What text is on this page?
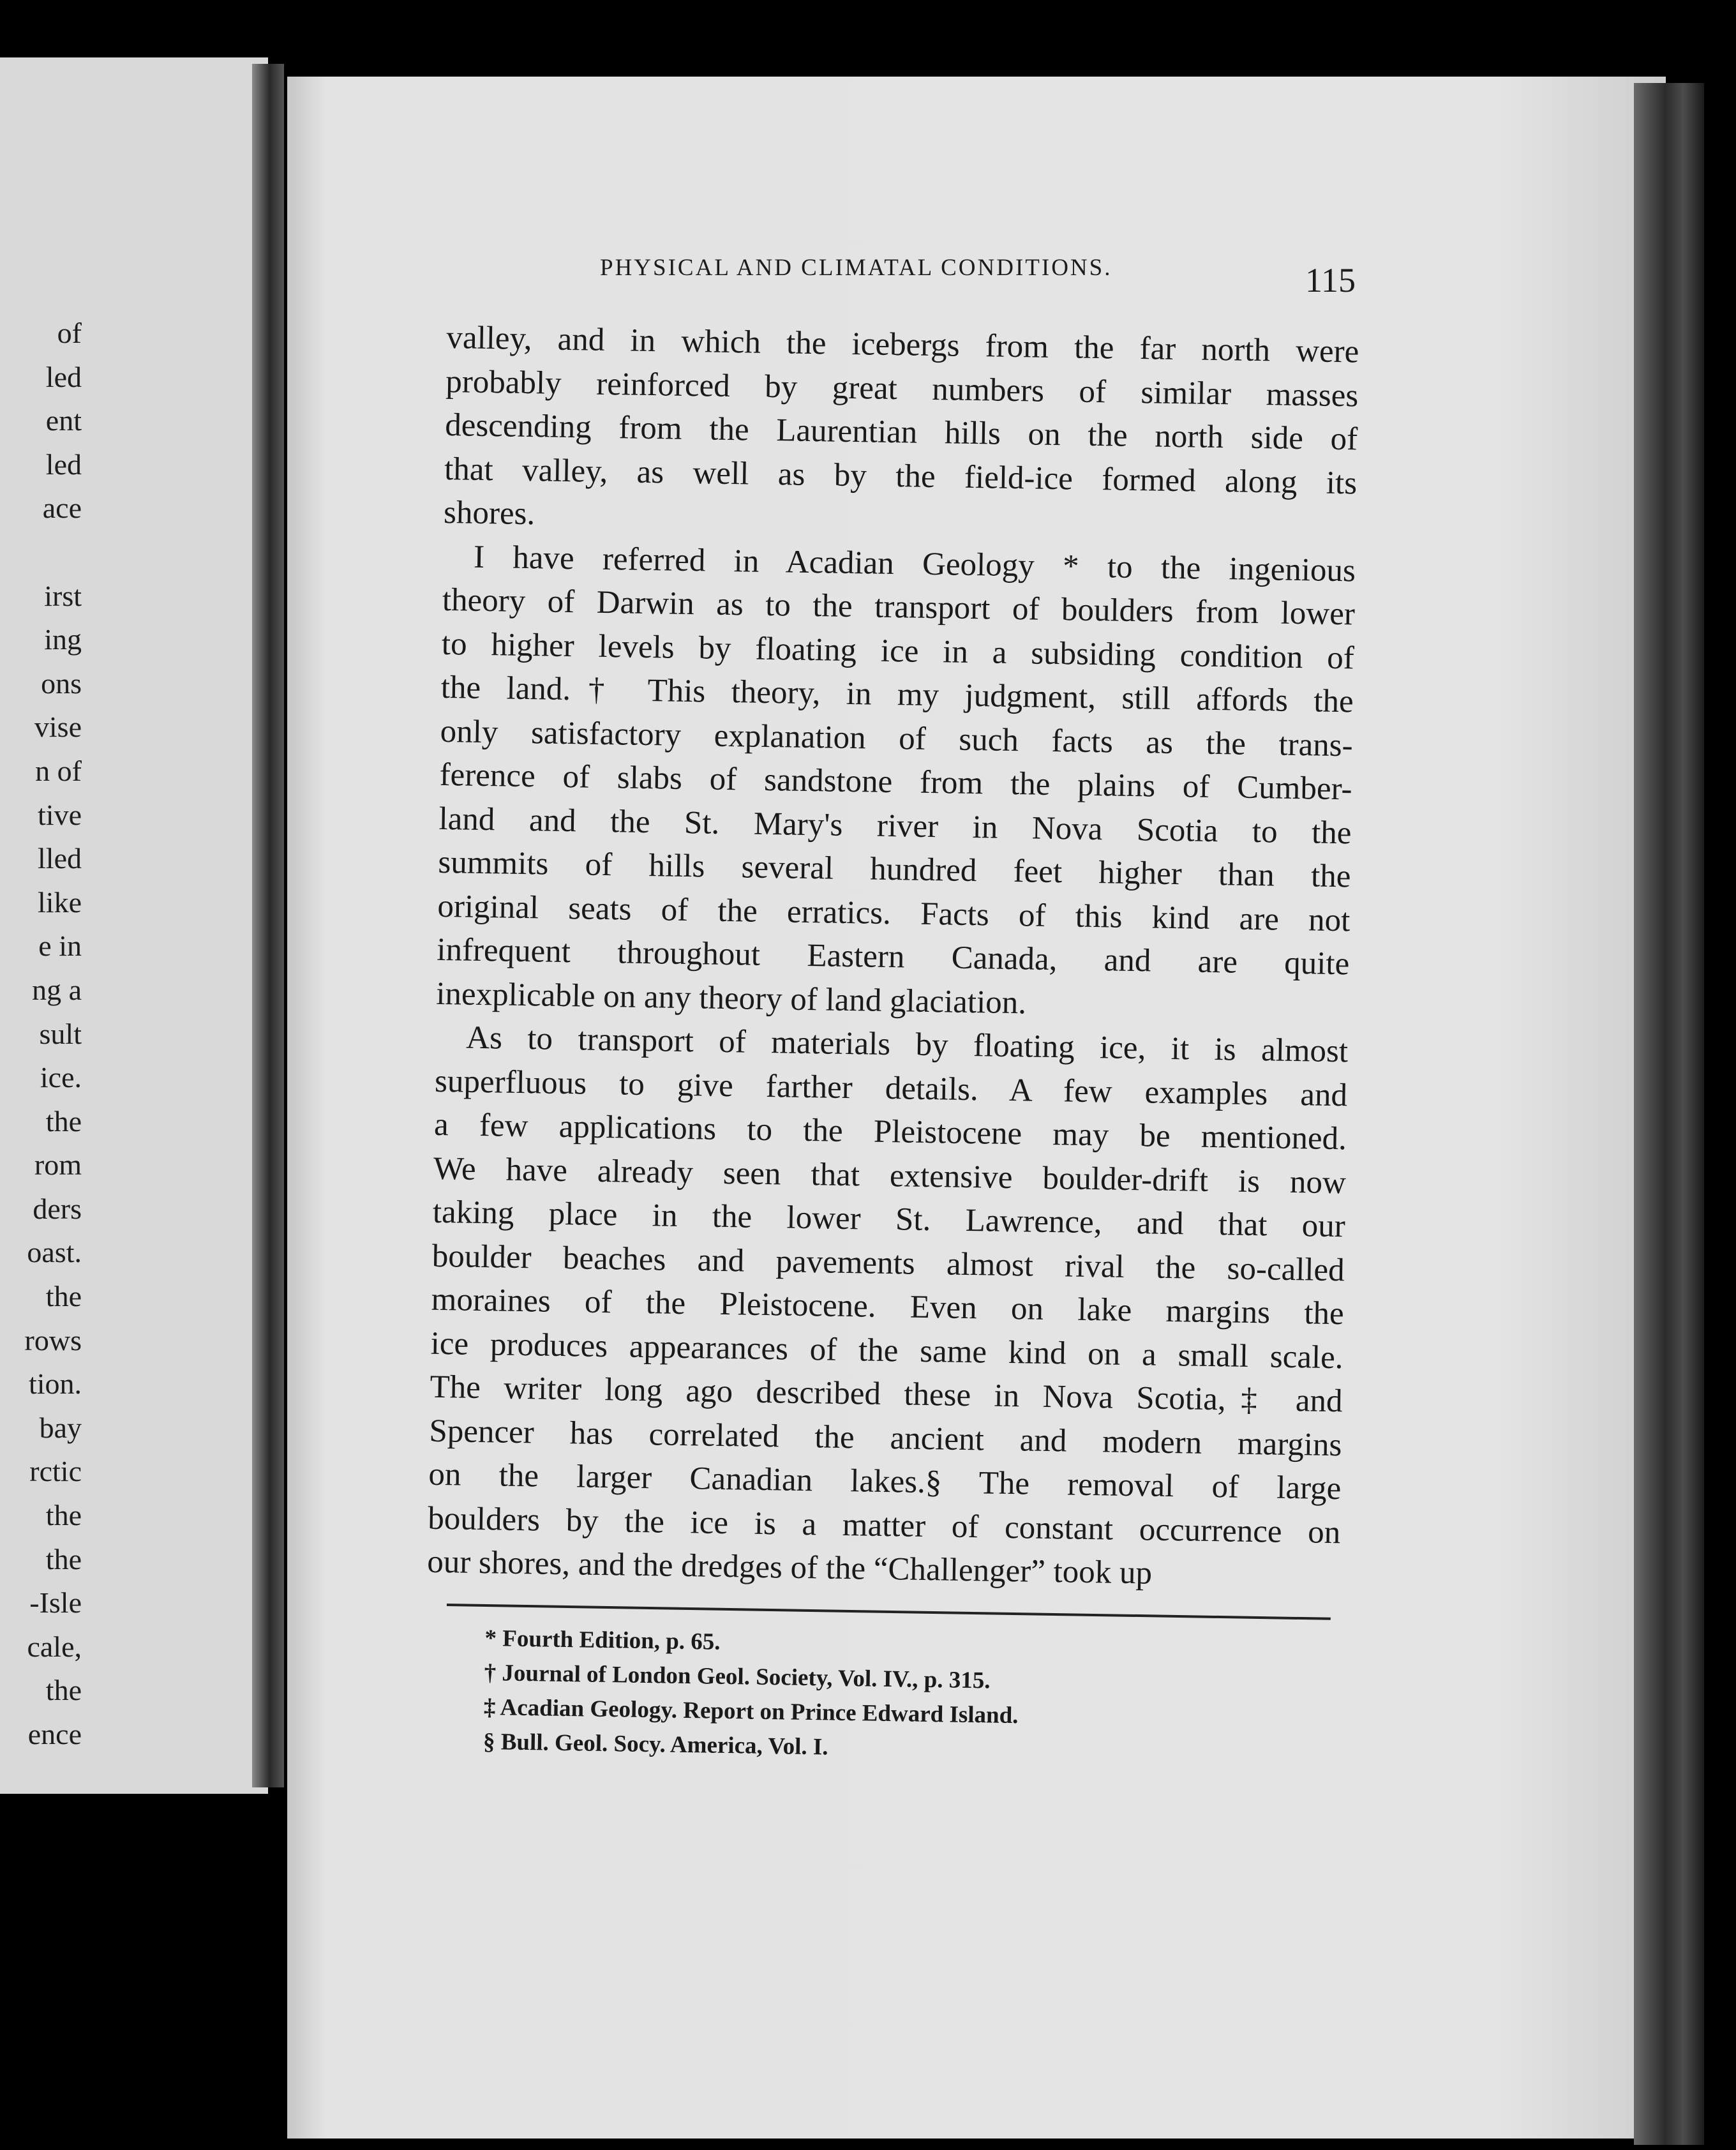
of
led
ent
led
ace
irst
ing
ons
vise
n of
tive
lled
like
e in
ng a
sult
ice.
the
rom
ders
oast.
the
rows
tion.
bay
rctic
the
the
-Isle
cale,
the
ence
PHYSICAL AND CLIMATAL CONDITIONS.	115
valley, and in which the icebergs from the far north were
probably reinforced by great numbers of similar masses
descending from the Laurentian hills on the north side of
that valley, as well as by the field-ice formed along its
shores.
I have referred in Acadian Geology * to the ingenious
theory of Darwin as to the transport of boulders from lower
to higher levels by floating ice in a subsiding condition of
the land.† This theory, in my judgment, still affords the
only satisfactory explanation of such facts as the trans-
ference of slabs of sandstone from the plains of Cumber-
land and the St. Mary's river in Nova Scotia to the
summits of hills several hundred feet higher than the
original seats of the erratics. Facts of this kind are not
infrequent throughout Eastern Canada, and are quite
inexplicable on any theory of land glaciation.
As to transport of materials by floating ice, it is almost
superfluous to give farther details. A few examples and
a few applications to the Pleistocene may be mentioned.
We have already seen that extensive boulder-drift is now
taking place in the lower St. Lawrence, and that our
boulder beaches and pavements almost rival the so-called
moraines of the Pleistocene. Even on lake margins the
ice produces appearances of the same kind on a small scale.
The writer long ago described these in Nova Scotia,‡ and
Spencer has correlated the ancient and modern margins
on the larger Canadian lakes.§ The removal of large
boulders by the ice is a matter of constant occurrence on
our shores, and the dredges of the “Challenger” took up
* Fourth Edition, p. 65.
† Journal of London Geol. Society, Vol. IV., p. 315.
‡ Acadian Geology. Report on Prince Edward Island.
§ Bull. Geol. Socy. America, Vol. I.
